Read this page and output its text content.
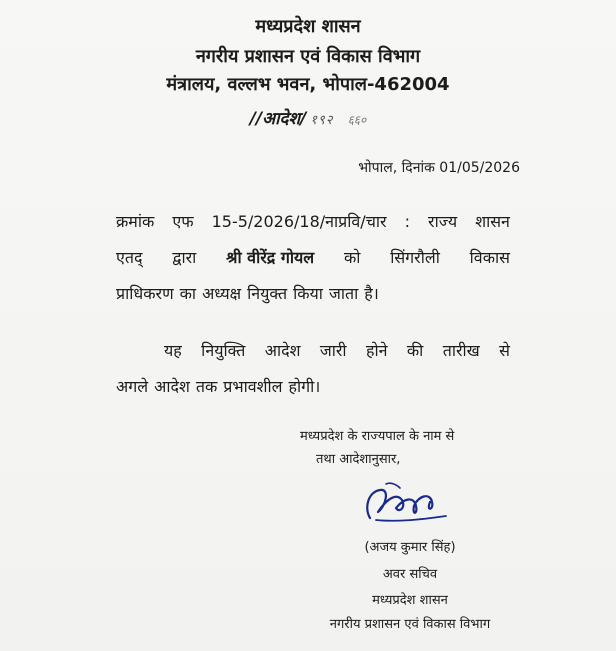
मध्यप्रदेश शासन
नगरीय प्रशासन एवं विकास विभाग
मंत्रालय, वल्लभ भवन, भोपाल-462004
//आदेश/ १९२ ६६०
भोपाल, दिनांक 01/05/2026
क्रमांक एफ 15-5/2026/18/नाप्रवि/चार : राज्य शासन
एतद् द्वारा श्री वीरेंद्र गोयल को सिंगरौली विकास
प्राधिकरण का अध्यक्ष नियुक्त किया जाता है।
यह नियुक्ति आदेश जारी होने की तारीख से
अगले आदेश तक प्रभावशील होगी।
मध्यप्रदेश के राज्यपाल के नाम से
तथा आदेशानुसार,
(अजय कुमार सिंह)
अवर सचिव
मध्यप्रदेश शासन
नगरीय प्रशासन एवं विकास विभाग
